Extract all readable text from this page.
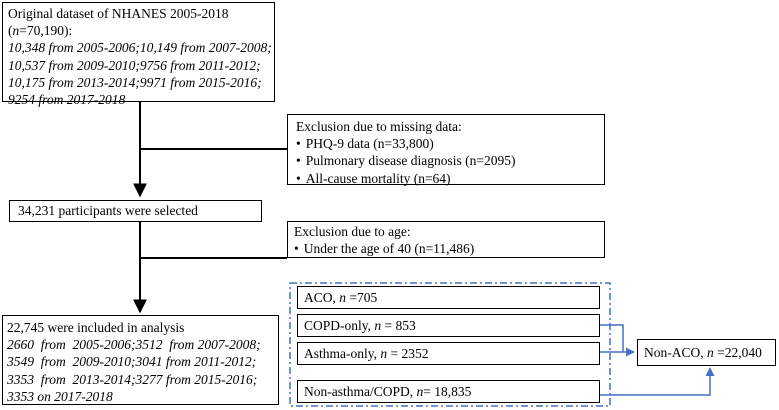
Original dataset of NHANES 2005-2018
(n=70,190):
10,348 from 2005-2006;10,149 from 2007-2008;
10,537 from 2009-2010;9756 from 2011-2012;
10,175 from 2013-2014;9971 from 2015-2016;
9254 from 2017-2018
Exclusion due to missing data:
• PHQ-9 data (n=33,800)
• Pulmonary disease diagnosis (n=2095)
• All-cause mortality (n=64)
34,231 participants were selected
Exclusion due to age:
• Under the age of 40 (n=11,486)
22,745 were included in analysis
2660  from  2005-2006;3512  from 2007-2008;
3549  from  2009-2010;3041 from 2011-2012;
3353  from  2013-2014;3277 from 2015-2016;
3353 on 2017-2018
ACO, n =705
COPD-only, n = 853
Asthma-only, n = 2352
Non-asthma/COPD, n= 18,835
Non-ACO, n =22,040
